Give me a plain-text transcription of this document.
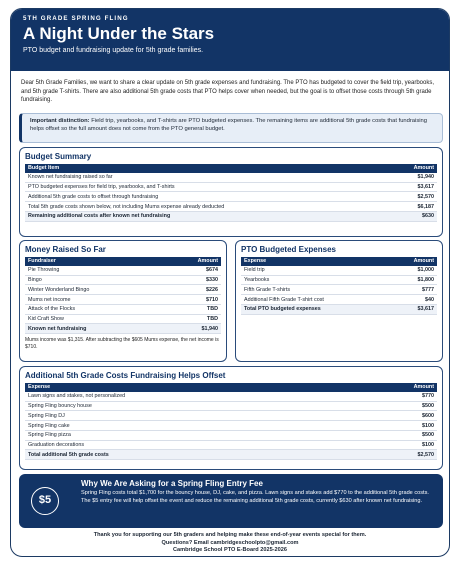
5TH GRADE SPRING FLING
A Night Under the Stars
PTO budget and fundraising update for 5th grade families.

Dear 5th Grade Families, we want to share a clear update on 5th grade expenses and fundraising. The PTO has budgeted to cover the field trip, yearbooks, and 5th grade T-shirts. There are also additional 5th grade costs that PTO helps cover when needed, but the goal is to offset those costs through 5th grade fundraising.

Important distinction: Field trip, yearbooks, and T-shirts are PTO budgeted expenses. The remaining items are additional 5th grade costs that fundraising helps offset so the full amount does not come from the PTO general budget.
Budget Summary
Budget Item	Amount
Known net fundraising raised so far	$1,940
PTO budgeted expenses for field trip, yearbooks, and T-shirts	$3,617
Additional 5th grade costs to offset through fundraising	$2,570
Total 5th grade costs shown below, not including Mums expense already deducted	$6,187
Remaining additional costs after known net fundraising	$630
Money Raised So Far
Fundraiser	Amount
Pie Throwing	$674
Bingo	$330
Winter Wonderland Bingo	$226
Mums net income	$710
Attack of the Flocks	TBD
Kid Craft Show	TBD
Known net fundraising	$1,940

Mums income was $1,315. After subtracting the $605 Mums expense, the net income is $710.

PTO Budgeted Expenses
Expense	Amount
Field trip	$1,000
Yearbooks	$1,800
Fifth Grade T-shirts	$777
Additional Fifth Grade T-shirt cost	$40
Total PTO budgeted expenses	$3,617
Additional 5th Grade Costs Fundraising Helps Offset
Expense	Amount
Lawn signs and stakes, not personalized	$770
Spring Fling bouncy house	$500
Spring Fling DJ	$600
Spring Fling cake	$100
Spring Fling pizza	$500
Graduation decorations	$100
Total additional 5th grade costs	$2,570
$5
Why We Are Asking for a Spring Fling Entry Fee

Spring Fling costs total $1,700 for the bouncy house, DJ, cake, and pizza. Lawn signs and stakes add $770 to the additional 5th grade costs. The $5 entry fee will help offset the event and reduce the remaining additional 5th grade costs, currently $630 after known net fundraising.

Thank you for supporting our 5th graders and helping make these end-of-year events special for them.
Questions? Email cambridgeschoolpto@gmail.com
Cambridge School PTO E-Board 2025-2026
